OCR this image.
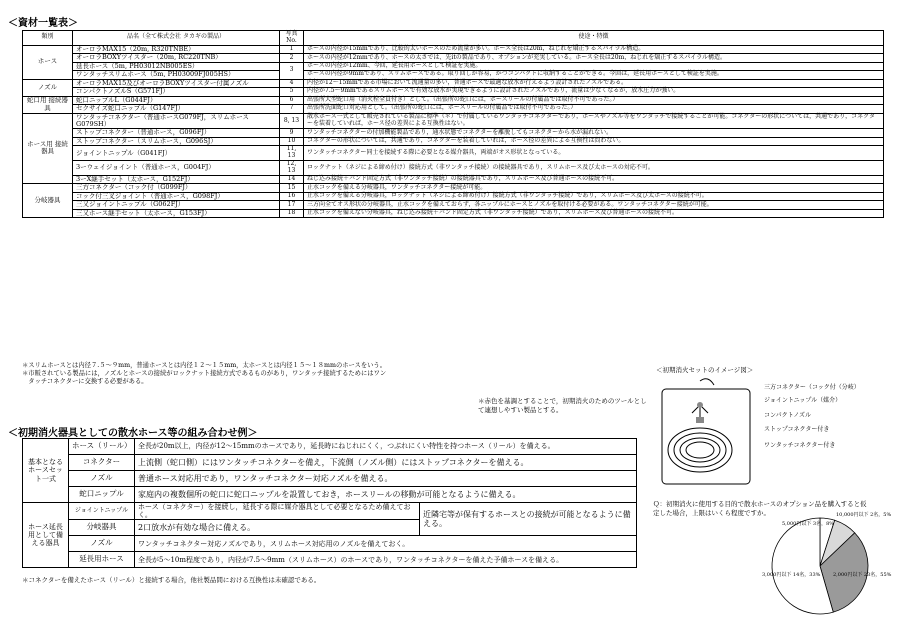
＜資材一覧表＞
類別	品名（全て株式会社 タカギの製品）	写真No.	使途・特徴
ホース	オーロラMAX15（20m, R320TNBE）	1	ホースの内径が15mmであり、比較的太いホースのため流量が多い。ホース全長は20m，ねじれを矯正するスパイラル構造。
	オーロラBOXYツイスター（20m, RC220TNB）	2	ホースの内径が12mmであり、ホースの太さでは、先itの製品であり、オプションが充実している。ホース全長は20m，ねじれを矯正するスパイラル構造。
	延長ホース（5m, PH03012NB005ES）	3	ホースの内径が12mm、今回，延長用ホースとして検証を実施。
	ワンタッチスリムホース（5m, PH03009FJ005HS）		ホースの内径が9mmであり、スリムホースである。取り回しが容易，かつコンパクトに収納することができる。今回は，延長用ホースとして検証を実施。
ノズル	オーロラMAX15及びオーロラBOXYツイスター付属ノズル	4	内径が12～15mmである市場において流通量の多い，普通ホースで最適な放水が行えるよう設計されたノズルである。
	コンパクトノズルS（G571FJ）	5	内径が7.5～9mmであるスリムホースで有効な放水が実現できるように設計されたノズルであり，流量は少なくなるが，放水圧力が強い。
蛇口用 接続器具	蛇口ニップルL（G044FJ）	6	出張所大型蛇口用（消火栓全員付き）として。（出張所の蛇口には，ホースリールの付属品では取付不可であった。）
	セクサイズ蛇口ニップル（G147FJ）	7	出張所洗面蛇口対応用として。（出張所の蛇口には，ホースリールの付属品では取付不可であった。）
ホース用 接続器具	ワンタッチコネクター（普通ホースG079FJ，スリムホースG079SH）	8, 13	散水ホース一式として販売されている製品に標準（＊）で付属しているワンタッチコネクターであり，ホースやノズル等をワンタッチで接続することが可能。コネクターの形状については，共通であり，コネクターを装着していれば，ホース径の差異による互換性はない。
	ストップコネクター（普通ホース，G096FJ）	9	ワンタッチコネクターの付加機能製品であり，通水状態でコネクターを離脱してもコネクターから水が漏れない。
	ストップコネクター（スリムホース，G096SJ）	10	コネクターの形状については，共通であり，コネクターを装着していれば，ホース径の差異による互換性は問わない。
	ジョイントニップル（G041FJ）	11, 13	ワンタッチコネクター同士を接続する際に必要となる媒介器具，両端がオス形状となっている。
	3ーウェイジョイント（普通ホース，G004FJ）	12, 13	ロックナット（ネジによる締め付け）接続方式（非ワンタッチ接続）の接続器具であり，スリムホース及び太ホースの対応不可。
	3ーX継手セット（太ホース，G152FJ）	14	ねじ込み接続＋バンド固定方式（非ワンタッチ接続）の接続器具であり，スリムホース及び普通ホースの接続不可。
分岐器具	三方コネクター（コック付（G099FJ）	15	止水コックを備える分岐器具，ワンタッチコネクター接続が可能。
	コック付三叉ジョイント（普通ホース，G098FJ）	16	止水コックを備える分岐器具，ロックナット（ネジによる締め付け）接続方式（非ワンタッチ接続）であり，スリムホース及び太ホースの接続不可。
	三又ジョイントニップル（G062FJ）	17	三方向全てオス形状の分岐器具，止水コックを備えておらず，各ニップルにホースとノズルを取付ける必要がある。ワンタッチコネクター接続が可能。
	三又ホース継手セット（太ホース，G153FJ）	18	止水コックを備えない分岐器具，ねじ込み接続＋バンド固定方式（非ワンタッチ接続）であり，スリムホース及び普通ホースの接続不可。

＊スリムホースとは内径７.５～９mm，普通ホースとは内径１２～１５mm，太ホースとは内径１５～１８mmのホースをいう。

＊市販されている製品には，ノズルとホースの接続がロックナット接続方式であるものがあり，ワンタッチ接続するためにはワン

　タッチコネクターに交換する必要がある。

＜初期消火器具としての散水ホース等の組み合わせ例＞
基本となるホースセット一式	ホース（リール）	全長が20m以上，内径が12～15mmのホースであり，延長時にねじれにくく，つぶれにくい特性を持つホース（リール）を備える。	
	コネクター	上流側（蛇口側）にはワンタッチコネクターを備え，下流側（ノズル側）にはストップコネクターを備える。	
	ノズル	普通ホース対応用であり，ワンタッチコネクター対応ノズルを備える。	
	蛇口ニップル	家庭内の複数個所の蛇口に蛇口ニップルを設置しておき，ホースリールの移動が可能となるように備える。	
ホース延長用として備える器具	ジョイントニップル	ホース（コネクター）を接続し，延長する際に媒介器具として必要となるため備えておく。	近隣宅等が保有するホースとの接続が可能となるように備える。
	分岐器具	2口放水が有効な場合に備える。	
	ノズル	ワンタッチコネクター対応ノズルであり，スリムホース対応用のノズルを備えておく。	
	延長用ホース	全長が5～10m程度であり，内径が7.5～9mm（スリムホース）のホースであり，ワンタッチコネクターを備えた予備ホースを備える。	
＊コネクターを備えたホース（リール）と接続する場合，他社製品間における互換性は未確認である。
＊赤色を基調とすることで，初期消火のためのツールとして連想しやすい製品とする。
＜初期消火セットのイメージ図＞
三方コネクター（コック付（分岐）
ジョイントニップル（媒介）
コンパクトノズル
ストップコネクター付き
ワンタッチコネクター付き
Ｑ：初期消火に使用する目的で散水ホースのオプション品を購入すると仮定した場合，上限はいくら程度ですか。	10,000円以下 2名，5%
5,000円以下 3名，8%
3,000円以下 14名，33%	2,000円以下 23名，55%
